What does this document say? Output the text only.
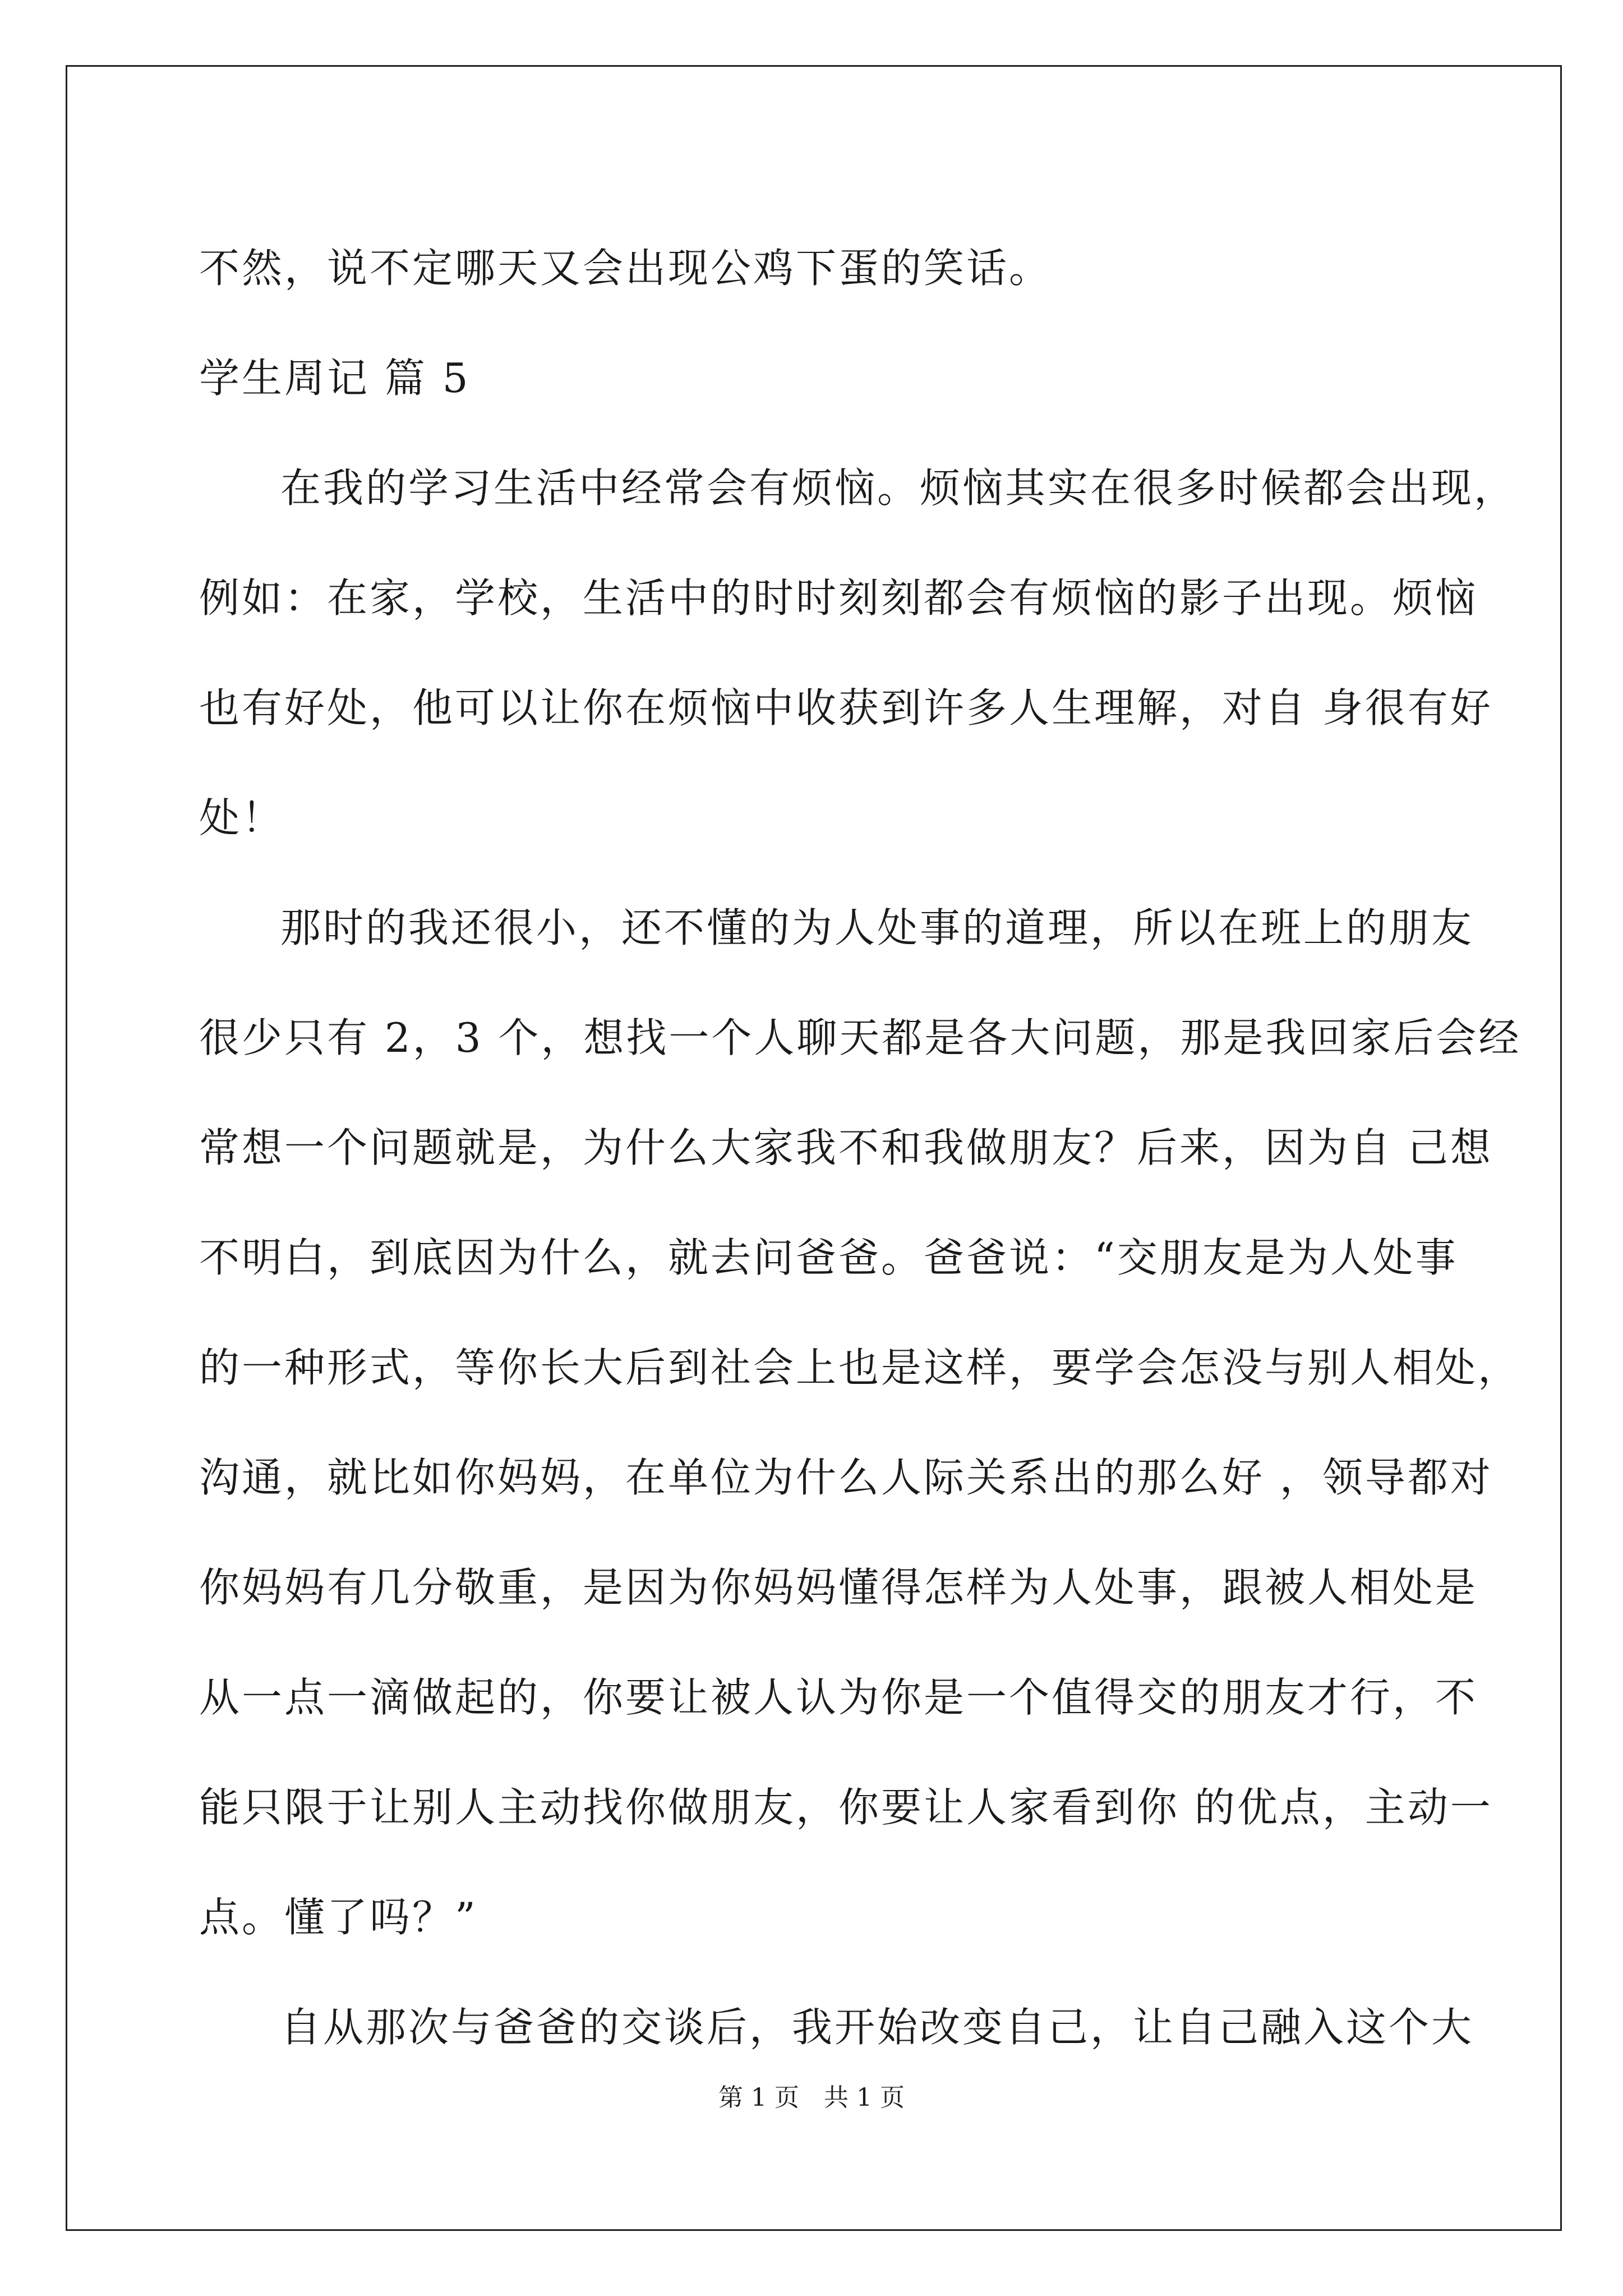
不然，说不定哪天又会出现公鸡下蛋的笑话。
学生周记 篇 5
在我的学习生活中经常会有烦恼。烦恼其实在很多时候都会出现，
例如：在家，学校，生活中的时时刻刻都会有烦恼的影子出现。烦恼
也有好处，他可以让你在烦恼中收获到许多人生理解，对自 身很有好
处！
那时的我还很小，还不懂的为人处事的道理，所以在班上的朋友
很少只有 2，3 个，想找一个人聊天都是各大问题，那是我回家后会经
常想一个问题就是，为什么大家我不和我做朋友？后来，因为自 己想
不明白，到底因为什么，就去问爸爸。爸爸说：“交朋友是为人处事
的一种形式，等你长大后到社会上也是这样，要学会怎没与别人相处，
沟通，就比如你妈妈，在单位为什么人际关系出的那么好 ，领导都对
你妈妈有几分敬重，是因为你妈妈懂得怎样为人处事，跟被人相处是
从一点一滴做起的，你要让被人认为你是一个值得交的朋友才行，不
能只限于让别人主动找你做朋友，你要让人家看到你 的优点，主动一
点。懂了吗？”
自从那次与爸爸的交谈后，我开始改变自己，让自己融入这个大
第 1 页　共 1 页
